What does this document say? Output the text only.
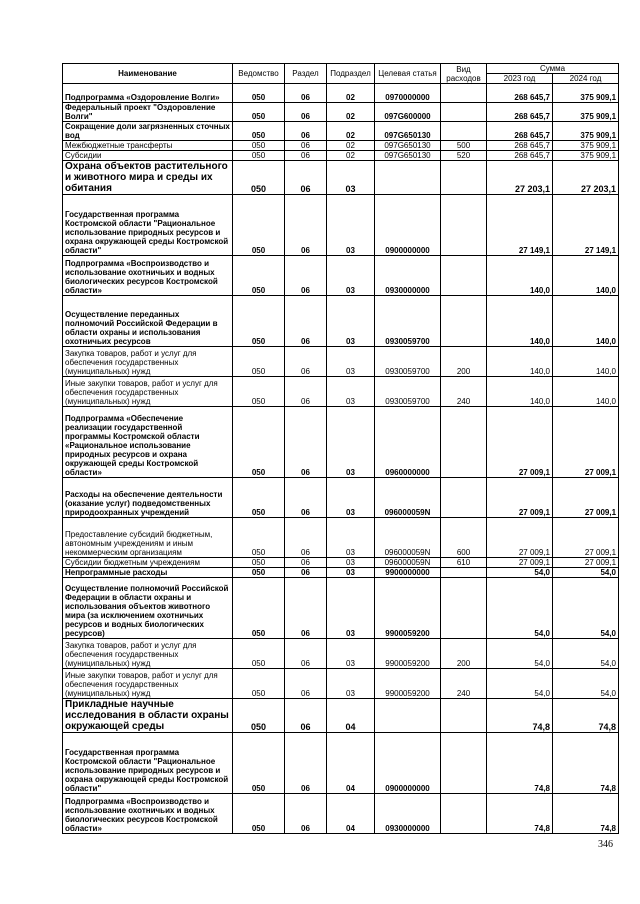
Наименование	Ведомство	Раздел	Подраздел	Целевая статья	Вид расходов	Сумма	
						2023 год	2024 год
Подпрограмма «Оздоровление Волги»	050	06	02	0970000000		268 645,7	375 909,1
Федеральный проект "Оздоровление Волги"	050	06	02	097G600000		268 645,7	375 909,1
Сокращение доли загрязненных сточных вод	050	06	02	097G650130		268 645,7	375 909,1
Межбюджетные трансферты	050	06	02	097G650130	500	268 645,7	375 909,1
Субсидии	050	06	02	097G650130	520	268 645,7	375 909,1
Охрана объектов растительного и животного мира и среды их обитания	050	06	03			27 203,1	27 203,1
Государственная программа Костромской области "Рациональное использование природных ресурсов и охрана окружающей среды Костромской области"	050	06	03	0900000000		27 149,1	27 149,1
Подпрограмма «Воспроизводство и использование охотничьих и водных биологических ресурсов Костромской области»	050	06	03	0930000000		140,0	140,0
Осуществление переданных полномочий Российской Федерации в области охраны и использования охотничьих ресурсов	050	06	03	0930059700		140,0	140,0
Закупка товаров, работ и услуг для обеспечения государственных (муниципальных) нужд	050	06	03	0930059700	200	140,0	140,0
Иные закупки товаров, работ и услуг для обеспечения государственных (муниципальных) нужд	050	06	03	0930059700	240	140,0	140,0
Подпрограмма «Обеспечение реализации государственной программы Костромской области «Рациональное использование природных ресурсов и охрана окружающей среды Костромской области»	050	06	03	0960000000		27 009,1	27 009,1
Расходы на обеспечение деятельности (оказание услуг) подведомственных природоохранных учреждений	050	06	03	096000059N		27 009,1	27 009,1
Предоставление субсидий бюджетным, автономным учреждениям и иным некоммерческим организациям	050	06	03	096000059N	600	27 009,1	27 009,1
Субсидии бюджетным учреждениям	050	06	03	096000059N	610	27 009,1	27 009,1
Непрограммные расходы	050	06	03	9900000000		54,0	54,0
Осуществление полномочий Российской Федерации в области охраны и использования объектов животного мира (за исключением охотничьих ресурсов и водных биологических ресурсов)	050	06	03	9900059200		54,0	54,0
Закупка товаров, работ и услуг для обеспечения государственных (муниципальных) нужд	050	06	03	9900059200	200	54,0	54,0
Иные закупки товаров, работ и услуг для обеспечения государственных (муниципальных) нужд	050	06	03	9900059200	240	54,0	54,0
Прикладные научные исследования в области охраны окружающей среды	050	06	04			74,8	74,8
Государственная программа Костромской области "Рациональное использование природных ресурсов и охрана окружающей среды Костромской области"	050	06	04	0900000000		74,8	74,8
Подпрограмма «Воспроизводство и использование охотничьих и водных биологических ресурсов Костромской области»	050	06	04	0930000000		74,8	74,8
346
